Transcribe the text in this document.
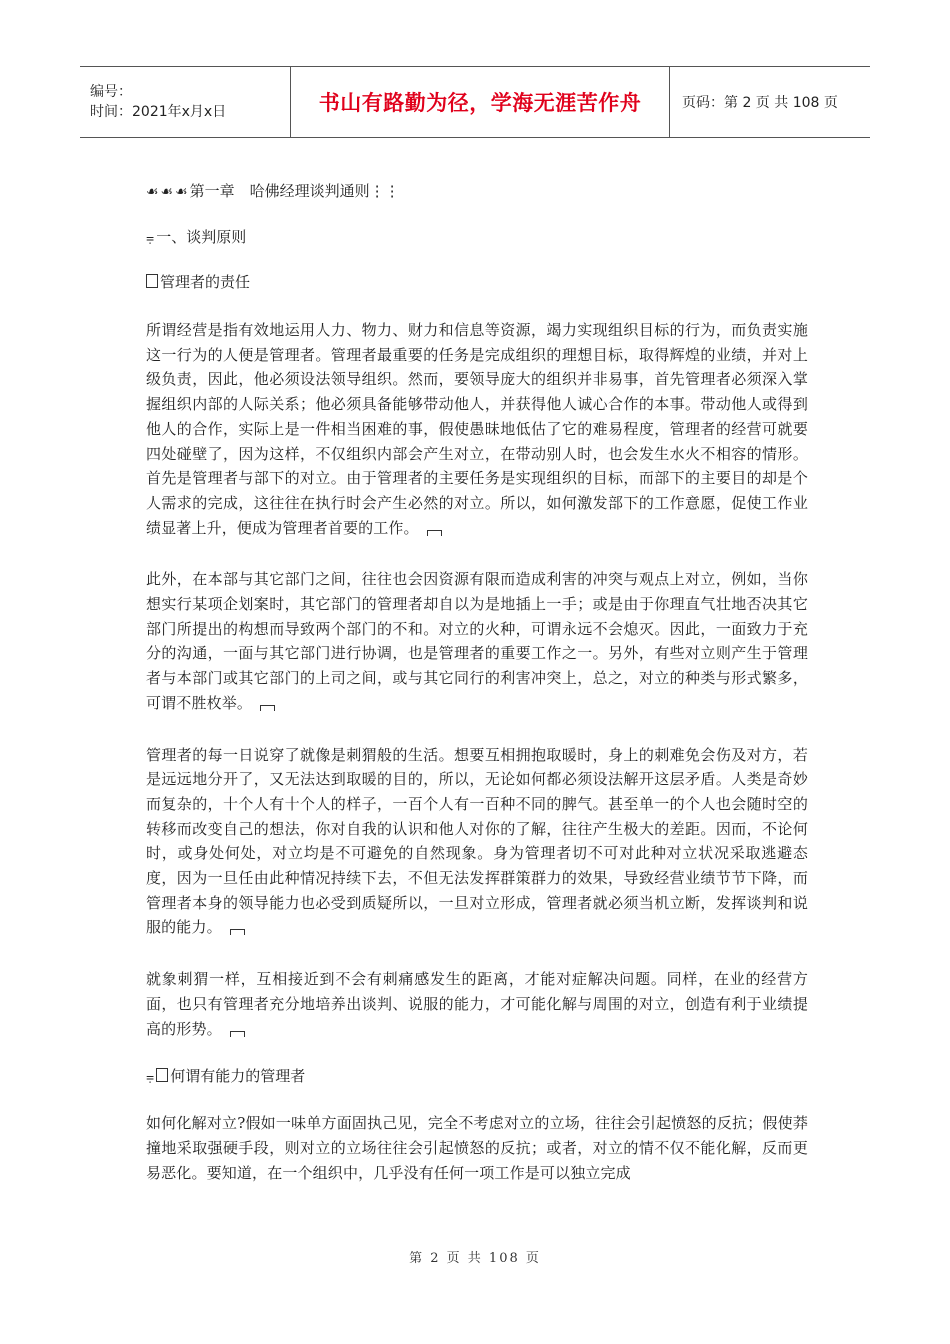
编号：
时间：2021年x月x日	书山有路勤为径，学海无涯苦作舟	页码：第 2 页 共 108 页
☙☙☙第一章　哈佛经理谈判通则⋮⋮
⩦一、谈判原则
管理者的责任

所谓经营是指有效地运用人力、物力、财力和信息等资源，竭力实现组织目标的行为，而负责实施这一行为的人便是管理者。管理者最重要的任务是完成组织的理想目标，取得辉煌的业绩，并对上级负责，因此，他必须设法领导组织。然而，要领导庞大的组织并非易事，首先管理者必须深入掌握组织内部的人际关系；他必须具备能够带动他人，并获得他人诚心合作的本事。带动他人或得到他人的合作，实际上是一件相当困难的事，假使愚昧地低估了它的难易程度，管理者的经营可就要四处碰壁了，因为这样，不仅组织内部会产生对立，在带动别人时，也会发生水火不相容的情形。首先是管理者与部下的对立。由于管理者的主要任务是实现组织的目标，而部下的主要目的却是个人需求的完成，这往往在执行时会产生必然的对立。所以，如何激发部下的工作意愿，促使工作业绩显著上升，便成为管理者首要的工作。

此外，在本部与其它部门之间，往往也会因资源有限而造成利害的冲突与观点上对立，例如，当你想实行某项企划案时，其它部门的管理者却自以为是地插上一手；或是由于你理直气壮地否决其它部门所提出的构想而导致两个部门的不和。对立的火种，可谓永远不会熄灭。因此，一面致力于充分的沟通，一面与其它部门进行协调，也是管理者的重要工作之一。另外，有些对立则产生于管理者与本部门或其它部门的上司之间，或与其它同行的利害冲突上，总之，对立的种类与形式繁多，可谓不胜枚举。

管理者的每一日说穿了就像是刺猬般的生活。想要互相拥抱取暖时，身上的刺难免会伤及对方，若是远远地分开了，又无法达到取暖的目的，所以，无论如何都必须设法解开这层矛盾。人类是奇妙而复杂的，十个人有十个人的样子，一百个人有一百种不同的脾气。甚至单一的个人也会随时空的转移而改变自己的想法，你对自我的认识和他人对你的了解，往往产生极大的差距。因而，不论何时，或身处何处，对立均是不可避免的自然现象。身为管理者切不可对此种对立状况采取逃避态度，因为一旦任由此种情况持续下去，不但无法发挥群策群力的效果，导致经营业绩节节下降，而管理者本身的领导能力也必受到质疑所以，一旦对立形成，管理者就必须当机立断，发挥谈判和说服的能力。

就象刺猬一样，互相接近到不会有刺痛感发生的距离，才能对症解决问题。同样，在业的经营方面，也只有管理者充分地培养出谈判、说服的能力，才可能化解与周围的对立，创造有利于业绩提高的形势。

⩦ 何谓有能力的管理者

如何化解对立?假如一味单方面固执己见，完全不考虑对立的立场，往往会引起愤怒的反抗；假使莽撞地采取强硬手段，则对立的立场往往会引起愤怒的反抗；或者，对立的情不仅不能化解，反而更易恶化。要知道，在一个组织中，几乎没有任何一项工作是可以独立完成

第 2 页 共 108 页
